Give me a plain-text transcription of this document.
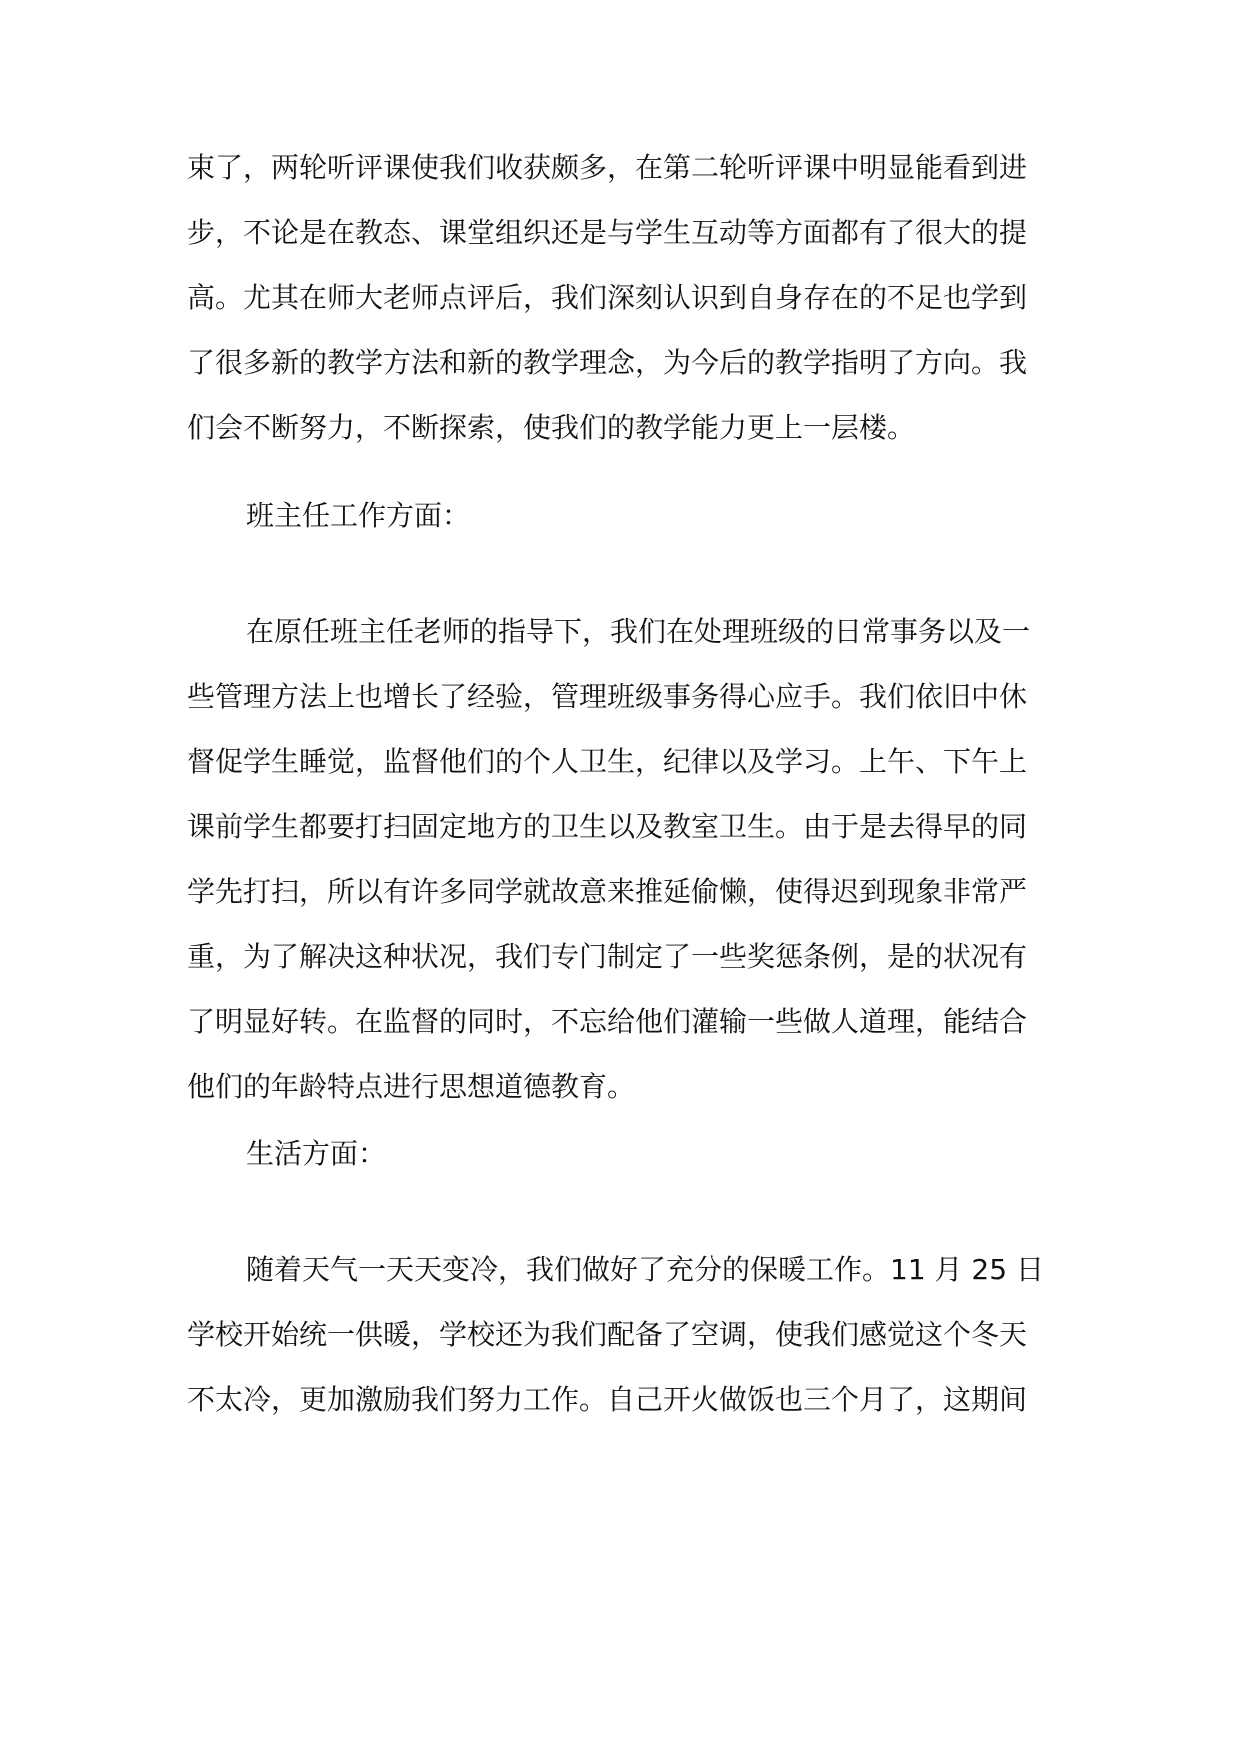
束了，两轮听评课使我们收获颇多，在第二轮听评课中明显能看到进
步，不论是在教态、课堂组织还是与学生互动等方面都有了很大的提
高。尤其在师大老师点评后，我们深刻认识到自身存在的不足也学到
了很多新的教学方法和新的教学理念，为今后的教学指明了方向。我
们会不断努力，不断探索，使我们的教学能力更上一层楼。
班主任工作方面：
在原任班主任老师的指导下，我们在处理班级的日常事务以及一
些管理方法上也增长了经验，管理班级事务得心应手。我们依旧中休
督促学生睡觉，监督他们的个人卫生，纪律以及学习。上午、下午上
课前学生都要打扫固定地方的卫生以及教室卫生。由于是去得早的同
学先打扫，所以有许多同学就故意来推延偷懒，使得迟到现象非常严
重，为了解决这种状况，我们专门制定了一些奖惩条例，是的状况有
了明显好转。在监督的同时，不忘给他们灌输一些做人道理，能结合
他们的年龄特点进行思想道德教育。
生活方面：
随着天气一天天变冷，我们做好了充分的保暖工作。11 月 25 日
学校开始统一供暖，学校还为我们配备了空调，使我们感觉这个冬天
不太冷，更加激励我们努力工作。自己开火做饭也三个月了，这期间
